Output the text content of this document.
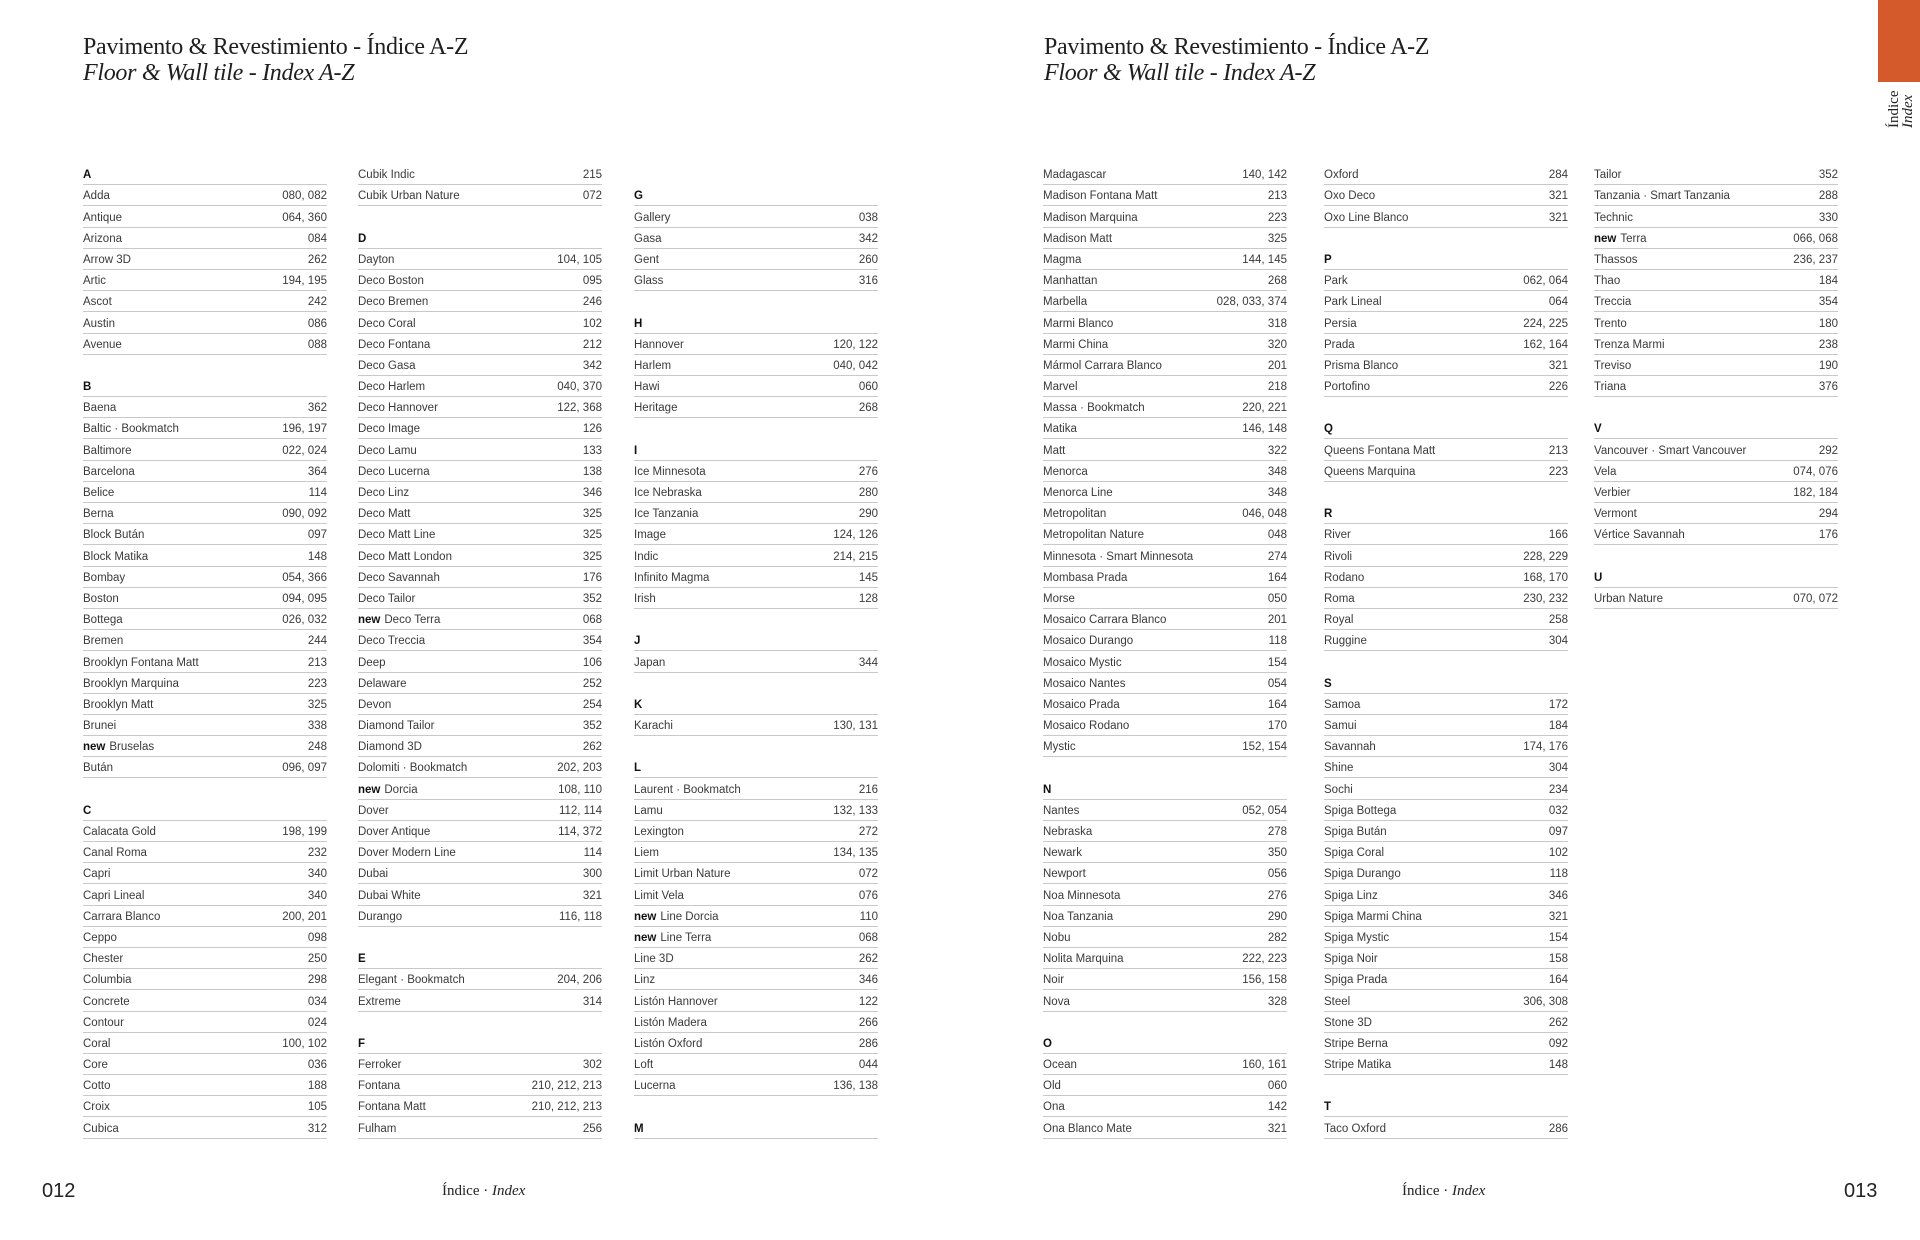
Pavimento & Revestimiento - Índice A-Z
Floor & Wall tile - Index A-Z
A
Adda	080, 082
Antique	064, 360
Arizona	084
Arrow 3D	262
Artic	194, 195
Ascot	242
Austin	086
Avenue	088
B
Baena	362
Baltic · Bookmatch	196, 197
Baltimore	022, 024
Barcelona	364
Belice	114
Berna	090, 092
Block Bután	097
Block Matika	148
Bombay	054, 366
Boston	094, 095
Bottega	026, 032
Bremen	244
Brooklyn Fontana Matt	213
Brooklyn Marquina	223
Brooklyn Matt	325
Brunei	338
new Bruselas	248
Bután	096, 097
C
Calacata Gold	198, 199
Canal Roma	232
Capri	340
Capri Lineal	340
Carrara Blanco	200, 201
Ceppo	098
Chester	250
Columbia	298
Concrete	034
Contour	024
Coral	100, 102
Core	036
Cotto	188
Croix	105
Cubica	312
Cubik Indic	215
Cubik Urban Nature	072
D
Dayton	104, 105
Deco Boston	095
Deco Bremen	246
Deco Coral	102
Deco Fontana	212
Deco Gasa	342
Deco Harlem	040, 370
Deco Hannover	122, 368
Deco Image	126
Deco Lamu	133
Deco Lucerna	138
Deco Linz	346
Deco Matt	325
Deco Matt Line	325
Deco Matt London	325
Deco Savannah	176
Deco Tailor	352
new Deco Terra	068
Deco Treccia	354
Deep	106
Delaware	252
Devon	254
Diamond Tailor	352
Diamond 3D	262
Dolomiti · Bookmatch	202, 203
new Dorcia	108, 110
Dover	112, 114
Dover Antique	114, 372
Dover Modern Line	114
Dubai	300
Dubai White	321
Durango	116, 118
E
Elegant · Bookmatch	204, 206
Extreme	314
F
Ferroker	302
Fontana	210, 212, 213
Fontana Matt	210, 212, 213
Fulham	256
G
Gallery	038
Gasa	342
Gent	260
Glass	316
H
Hannover	120, 122
Harlem	040, 042
Hawi	060
Heritage	268
I
Ice Minnesota	276
Ice Nebraska	280
Ice Tanzania	290
Image	124, 126
Indic	214, 215
Infinito Magma	145
Irish	128
J
Japan	344
K
Karachi	130, 131
L
Laurent · Bookmatch	216
Lamu	132, 133
Lexington	272
Liem	134, 135
Limit Urban Nature	072
Limit Vela	076
new Line Dorcia	110
new Line Terra	068
Line 3D	262
Linz	346
Listón Hannover	122
Listón Madera	266
Listón Oxford	286
Loft	044
Lucerna	136, 138
M
012	Índice · Index
Pavimento & Revestimiento - Índice A-Z
Floor & Wall tile - Index A-Z
Madagascar	140, 142
Madison Fontana Matt	213
Madison Marquina	223
Madison Matt	325
Magma	144, 145
Manhattan	268
Marbella	028, 033, 374
Marmi Blanco	318
Marmi China	320
Mármol Carrara Blanco	201
Marvel	218
Massa · Bookmatch	220, 221
Matika	146, 148
Matt	322
Menorca	348
Menorca Line	348
Metropolitan	046, 048
Metropolitan Nature	048
Minnesota · Smart Minnesota	274
Mombasa Prada	164
Morse	050
Mosaico Carrara Blanco	201
Mosaico Durango	118
Mosaico Mystic	154
Mosaico Nantes	054
Mosaico Prada	164
Mosaico Rodano	170
Mystic	152, 154
N
Nantes	052, 054
Nebraska	278
Newark	350
Newport	056
Noa Minnesota	276
Noa Tanzania	290
Nobu	282
Nolita Marquina	222, 223
Noir	156, 158
Nova	328
O
Ocean	160, 161
Old	060
Ona	142
Ona Blanco Mate	321
Oxford	284
Oxo Deco	321
Oxo Line Blanco	321
P
Park	062, 064
Park Lineal	064
Persia	224, 225
Prada	162, 164
Prisma Blanco	321
Portofino	226
Q
Queens Fontana Matt	213
Queens Marquina	223
R
River	166
Rivoli	228, 229
Rodano	168, 170
Roma	230, 232
Royal	258
Ruggine	304
S
Samoa	172
Samui	184
Savannah	174, 176
Shine	304
Sochi	234
Spiga Bottega	032
Spiga Bután	097
Spiga Coral	102
Spiga Durango	118
Spiga Linz	346
Spiga Marmi China	321
Spiga Mystic	154
Spiga Noir	158
Spiga Prada	164
Steel	306, 308
Stone 3D	262
Stripe Berna	092
Stripe Matika	148
T
Taco Oxford	286
Tailor	352
Tanzania · Smart Tanzania	288
Technic	330
new Terra	066, 068
Thassos	236, 237
Thao	184
Treccia	354
Trento	180
Trenza Marmi	238
Treviso	190
Triana	376
V
Vancouver · Smart Vancouver	292
Vela	074, 076
Verbier	182, 184
Vermont	294
Vértice Savannah	176
U
Urban Nature	070, 072
Índice
Index
Índice · Index	013
